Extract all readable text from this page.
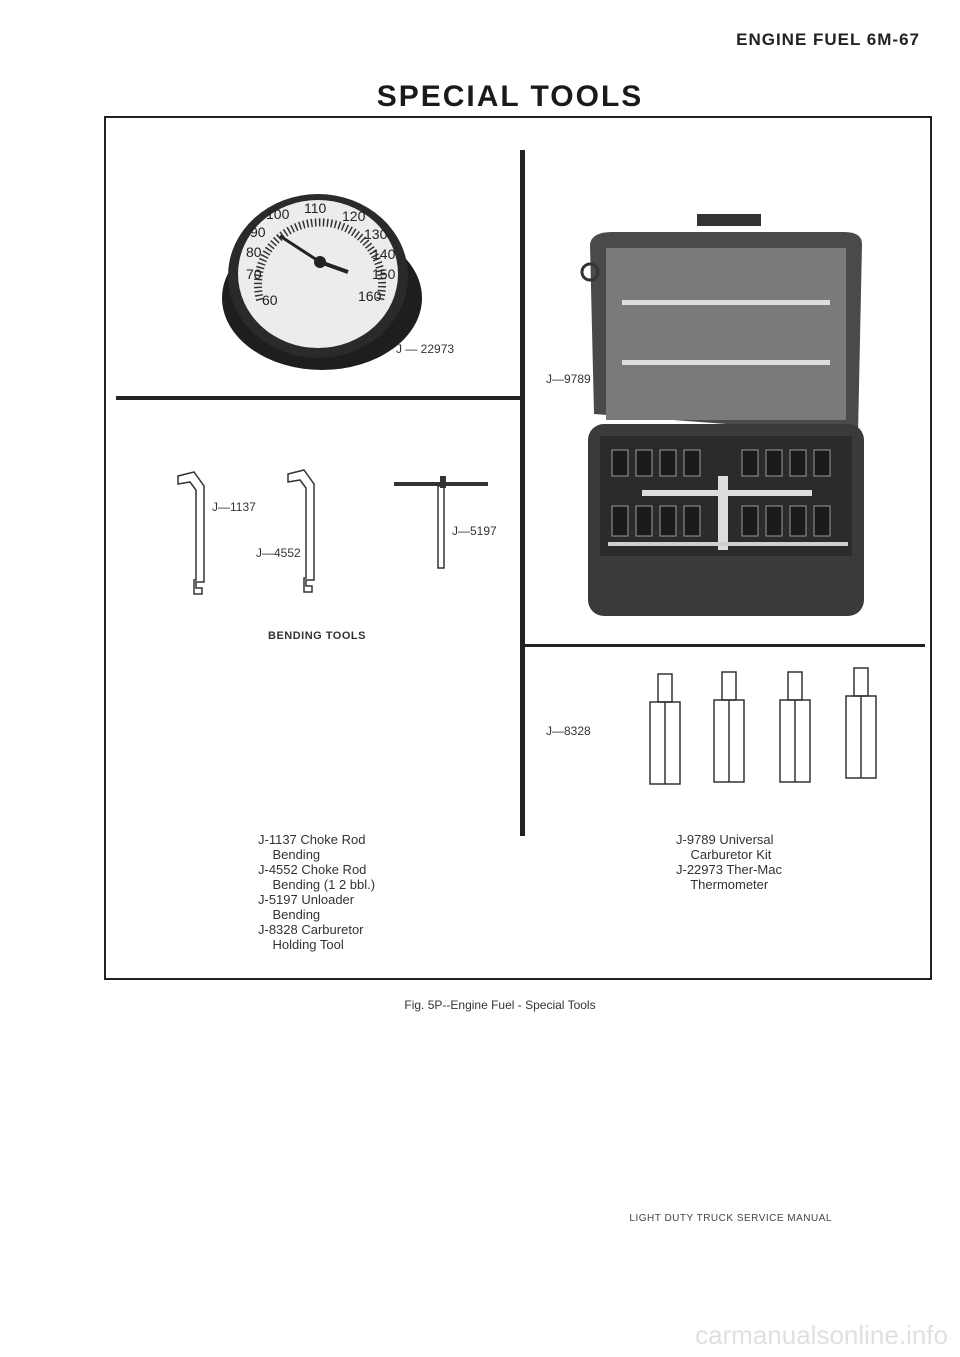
ENGINE FUEL 6M-67
SPECIAL TOOLS
60
70
80
90
100 110 120
130
140
150
160
J — 22973
J—1137
J—4552
J—5197
BENDING TOOLS
J—9789
J—8328
J-1137 Choke Rod
Bending
J-4552 Choke Rod
Bending (1 2 bbl.)
J-5197 Unloader
Bending
J-8328 Carburetor
Holding Tool
J-9789 Universal
Carburetor Kit
J-22973 Ther-Mac
Thermometer
Fig. 5P--Engine Fuel - Special Tools
LIGHT DUTY TRUCK SERVICE MANUAL
carmanualsonline.info
